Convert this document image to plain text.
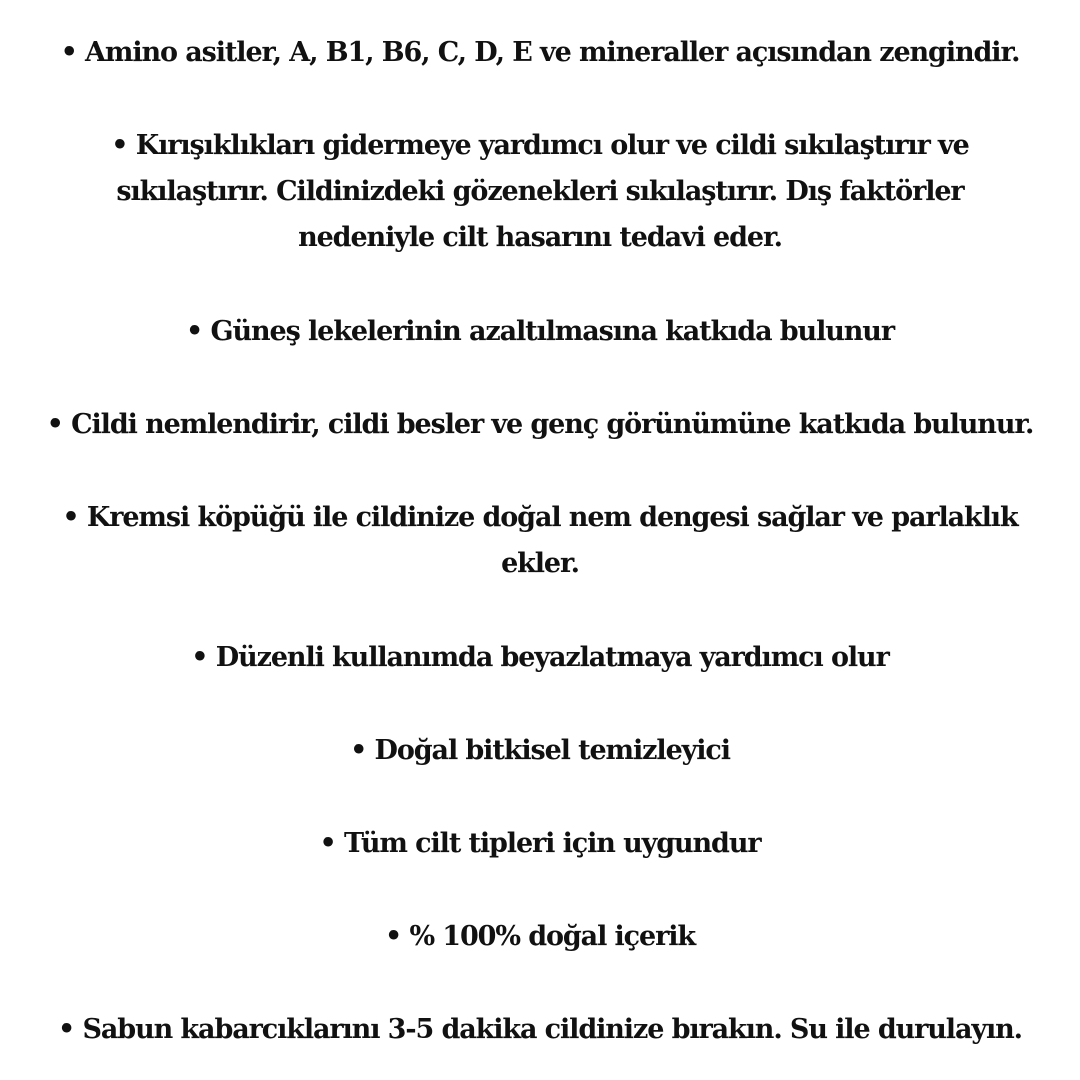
• Amino asitler, A, B1, B6, C, D, E ve mineraller açısından zengindir.
• Kırışıklıkları gidermeye yardımcı olur ve cildi sıkılaştırır ve
sıkılaştırır. Cildinizdeki gözenekleri sıkılaştırır. Dış faktörler
nedeniyle cilt hasarını tedavi eder.
• Güneş lekelerinin azaltılmasına katkıda bulunur
• Cildi nemlendirir, cildi besler ve genç görünümüne katkıda bulunur.
• Kremsi köpüğü ile cildinize doğal nem dengesi sağlar ve parlaklık
ekler.
• Düzenli kullanımda beyazlatmaya yardımcı olur
• Doğal bitkisel temizleyici
• Tüm cilt tipleri için uygundur
• % 100% doğal içerik
• Sabun kabarcıklarını 3-5 dakika cildinize bırakın. Su ile durulayın.
